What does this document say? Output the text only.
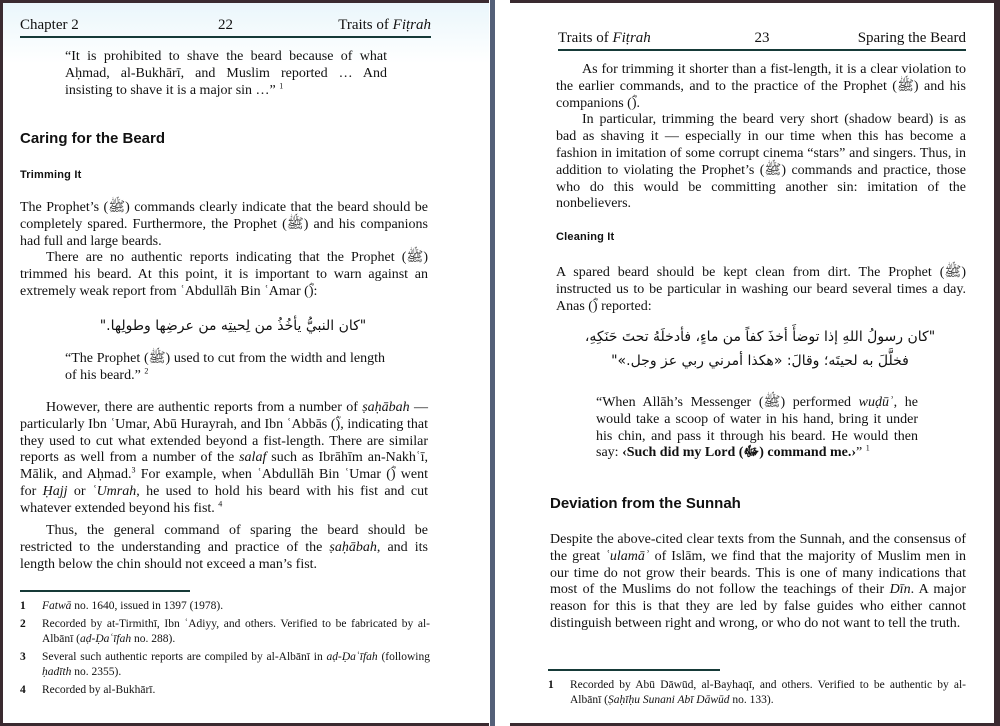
Chapter 2	22	Traits of Fiṭrah
“It is prohibited to shave the beard because of what Aḥmad, al-Bukhārī, and Muslim reported … And insisting to shave it is a major sin …” $^1$
Caring for the Beard
Trimming It

The Prophet’s (ﷺ) commands clearly indicate that the beard should be completely spared. Furthermore, the Prophet (ﷺ) and his companions had full and large beards.

There are no authentic reports indicating that the Prophet (ﷺ) trimmed his beard. At this point, it is important to warn against an extremely weak report from ʿAbdullāh Bin ʿAmar (ؓ):

"كان النبيُّ يأخُذُ من لِحيتِه من عرضِها وطولِها."
“The Prophet (ﷺ) used to cut from the width and length of his beard.” $^2$
However, there are authentic reports from a number of ṣaḥābah — particularly Ibn ʿUmar, Abū Hurayrah, and Ibn ʿAbbās (ؓ), indicating that they used to cut what extended beyond a fist-length. There are similar reports as well from a number of the salaf such as Ibrāhīm an-Nakhʿī, Mālik, and Aḥmad.$^3$ For example, when ʿAbdullāh Bin ʿUmar (ؓ) went for Ḥajj or ʿUmrah, he used to hold his beard with his fist and cut whatever extended beyond his fist. $^4$
Thus, the general command of sparing the beard should be restricted to the understanding and practice of the ṣaḥābah, and its length below the chin should not exceed a man’s fist.
1	Fatwā no. 1640, issued in 1397 (1978).
2	Recorded by at-Tirmithī, Ibn ʿAdiyy, and others. Verified to be fabricated by al-Albānī (aḍ-Ḍaʿīfah no. 288).
3	Several such authentic reports are compiled by al-Albānī in aḍ-Ḍaʿīfah (following ḥadīth no. 2355).
4	Recorded by al-Bukhārī.
Traits of Fiṭrah	23	Sparing the Beard

As for trimming it shorter than a fist-length, it is a clear violation to the earlier commands, and to the practice of the Prophet (ﷺ) and his companions (ؓ).

In particular, trimming the beard very short (shadow beard) is as bad as shaving it — especially in our time when this has become a fashion in imitation of some corrupt cinema “stars” and singers. Thus, in addition to violating the Prophet’s (ﷺ) commands and practice, those who do this would be committing another sin: imitation of the nonbelievers.

Cleaning It
A spared beard should be kept clean from dirt. The Prophet (ﷺ) instructed us to be particular in washing our beard several times a day. Anas (ؓ) reported:
"كان رسولُ اللهِ إذا توضأَ أخذَ كفاً من ماءٍ، فأدخلَهُ تحتَ حَنَكِهِ،
فخلَّلَ به لحيتَه؛ وقالَ: «هكذا أمرني ربي عز وجل.»"
“When Allāh’s Messenger (ﷺ) performed wuḍūʾ, he would take a scoop of water in his hand, bring it under his chin, and pass it through his beard. He would then say: ‹Such did my Lord (ﷻ) command me.›” $^1$
Deviation from the Sunnah
Despite the above-cited clear texts from the Sunnah, and the consensus of the great ʿulamāʾ of Islām, we find that the majority of Muslim men in our time do not grow their beards. This is one of many indications that most of the Muslims do not follow the teachings of their Dīn. A major reason for this is that they are led by false guides who either cannot distinguish between right and wrong, or who do not want to tell the truth.
1	Recorded by Abū Dāwūd, al-Bayhaqī, and others. Verified to be authentic by al-Albānī (Ṣaḥīḥu Sunani Abī Dāwūd no. 133).
